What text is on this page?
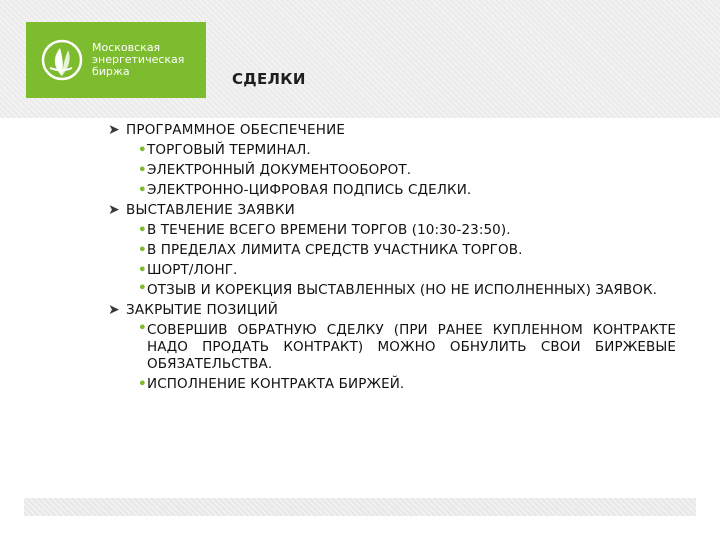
Московская
энергетическая
биржа	СДЕЛКИ

➤ ПРОГРАММНОЕ ОБЕСПЕЧЕНИЕ

• ТОРГОВЫЙ ТЕРМИНАЛ.
• ЭЛЕКТРОННЫЙ ДОКУМЕНТООБОРОТ.
• ЭЛЕКТРОННО-ЦИФРОВАЯ ПОДПИСЬ СДЕЛКИ.

➤ ВЫСТАВЛЕНИЕ ЗАЯВКИ

• В ТЕЧЕНИЕ ВСЕГО ВРЕМЕНИ ТОРГОВ (10:30-23:50).
• В ПРЕДЕЛАХ ЛИМИТА СРЕДСТВ УЧАСТНИКА ТОРГОВ.
• ШОРТ/ЛОНГ.
• ОТЗЫВ И КОРЕКЦИЯ ВЫСТАВЛЕННЫХ (НО НЕ ИСПОЛНЕННЫХ) ЗАЯВОК.

➤ ЗАКРЫТИЕ ПОЗИЦИЙ

• СОВЕРШИВ ОБРАТНУЮ СДЕЛКУ (ПРИ РАНЕЕ КУПЛЕННОМ КОНТРАКТЕ НАДО ПРОДАТЬ КОНТРАКТ) МОЖНО ОБНУЛИТЬ СВОИ БИРЖЕВЫЕ ОБЯЗАТЕЛЬСТВА.
• ИСПОЛНЕНИЕ КОНТРАКТА БИРЖЕЙ.
